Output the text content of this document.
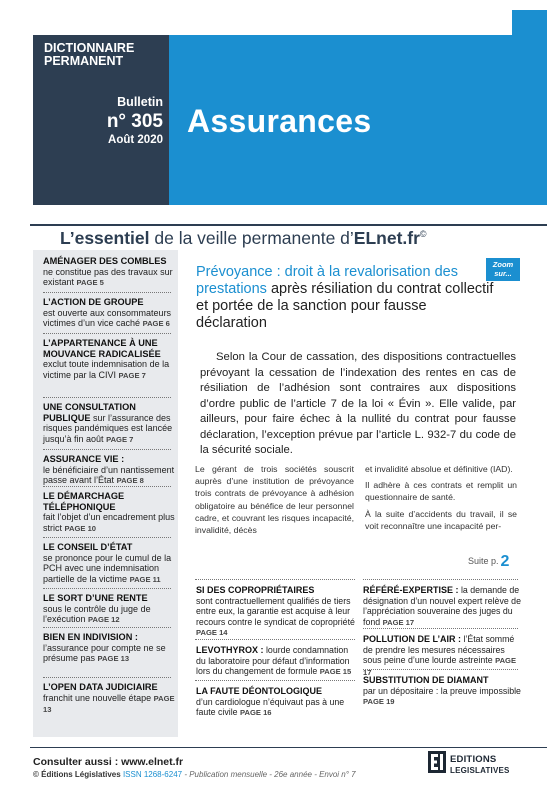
DICTIONNAIRE
PERMANENT
Bulletin
n° 305
Août 2020
Assurances
L’essentiel de la veille permanente d’ELnet.fr©
AMÉNAGER DES COMBLES
ne constitue pas des travaux sur existant PAGE 5
L’ACTION DE GROUPE
est ouverte aux consommateurs victimes d’un vice caché PAGE 6
L’APPARTENANCE À UNE MOUVANCE RADICALISÉE exclut toute indemnisation de la victime par la CIVI PAGE 7
UNE CONSULTATION PUBLIQUE sur l’assurance des risques pandémiques est lancée jusqu’à fin août PAGE 7
ASSURANCE VIE :
le bénéficiaire d’un nantissement passe avant l’État PAGE 8
LE DÉMARCHAGE TÉLÉPHONIQUE
fait l’objet d’un encadrement plus strict PAGE 10
LE CONSEIL D’ÉTAT
se prononce pour le cumul de la PCH avec une indemnisation partielle de la victime PAGE 11
LE SORT D’UNE RENTE
sous le contrôle du juge de l’exécution PAGE 12
BIEN EN INDIVISION :
l’assurance pour compte ne se présume pas PAGE 13
L’OPEN DATA JUDICIAIRE
franchit une nouvelle étape PAGE 13
Zoom sur...
Prévoyance : droit à la revalorisation des prestations après résiliation du contrat collectif et portée de la sanction pour fausse déclaration
Selon la Cour de cassation, des dispositions contractuelles prévoyant la cessation de l’indexation des rentes en cas de résiliation de l’adhésion sont contraires aux dispositions d’ordre public de l’article 7 de la loi « Évin ». Elle valide, par ailleurs, pour faire échec à la nullité du contrat pour fausse déclaration, l’exception prévue par l’article L. 932-7 du code de la sécurité sociale.
Le gérant de trois sociétés souscrit auprès d’une institution de prévoyance trois contrats de prévoyance à adhésion obligatoire au bénéfice de leur personnel cadre, et couvrant les risques incapacité, invalidité, décès

et invalidité absolue et définitive (IAD).

Il adhère à ces contrats et remplit un questionnaire de santé.

À la suite d’accidents du travail, il se voit reconnaître une incapacité per-

Suite p. 2
SI DES COPROPRIÉTAIRES
sont contractuellement qualifiés de tiers entre eux, la garantie est acquise à leur recours contre le syndicat de copropriété PAGE 14
LEVOTHYROX : lourde condamnation du laboratoire pour défaut d’information lors du changement de formule PAGE 15
LA FAUTE DÉONTOLOGIQUE
d’un cardiologue n’équivaut pas à une faute civile PAGE 16
RÉFÉRÉ-EXPERTISE : la demande de désignation d’un nouvel expert relève de l’appréciation souveraine des juges du fond PAGE 17
POLLUTION DE L’AIR : l’État sommé de prendre les mesures nécessaires sous peine d’une lourde astreinte PAGE 17
SUBSTITUTION DE DIAMANT
par un dépositaire : la preuve impossible PAGE 19
Consulter aussi : www.elnet.fr
© Éditions Législatives ISSN 1268-6247 - Publication mensuelle - 26e année - Envoi n° 7
EDITIONS
LEGISLATIVES
